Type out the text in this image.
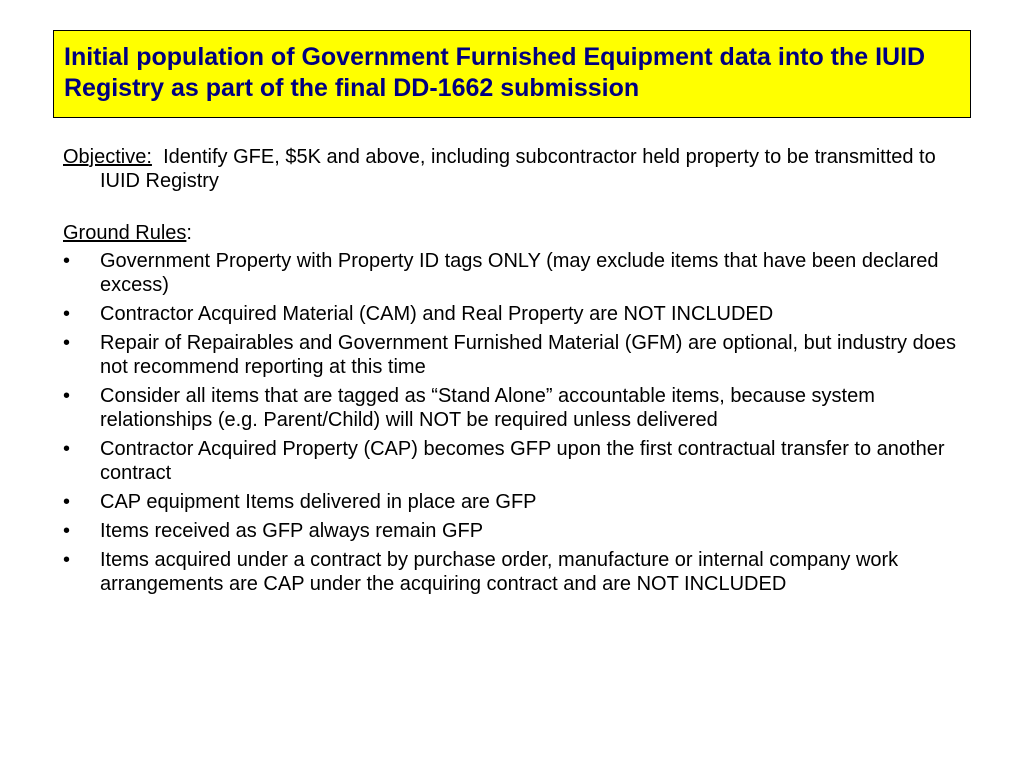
Initial population of Government Furnished Equipment data into the IUID Registry as part of the final DD-1662 submission

Objective: Identify GFE, $5K and above, including subcontractor held property to be transmitted to IUID Registry

Ground Rules:

• Government Property with Property ID tags ONLY (may exclude items that have been declared excess)
• Contractor Acquired Material (CAM) and Real Property are NOT INCLUDED
• Repair of Repairables and Government Furnished Material (GFM) are optional, but industry does not recommend reporting at this time
• Consider all items that are tagged as “Stand Alone” accountable items, because system relationships (e.g. Parent/Child) will NOT be required unless delivered
• Contractor Acquired Property (CAP) becomes GFP upon the first contractual transfer to another contract
• CAP equipment Items delivered in place are GFP
• Items received as GFP always remain GFP
• Items acquired under a contract by purchase order, manufacture or internal company work arrangements are CAP under the acquiring contract and are NOT INCLUDED
